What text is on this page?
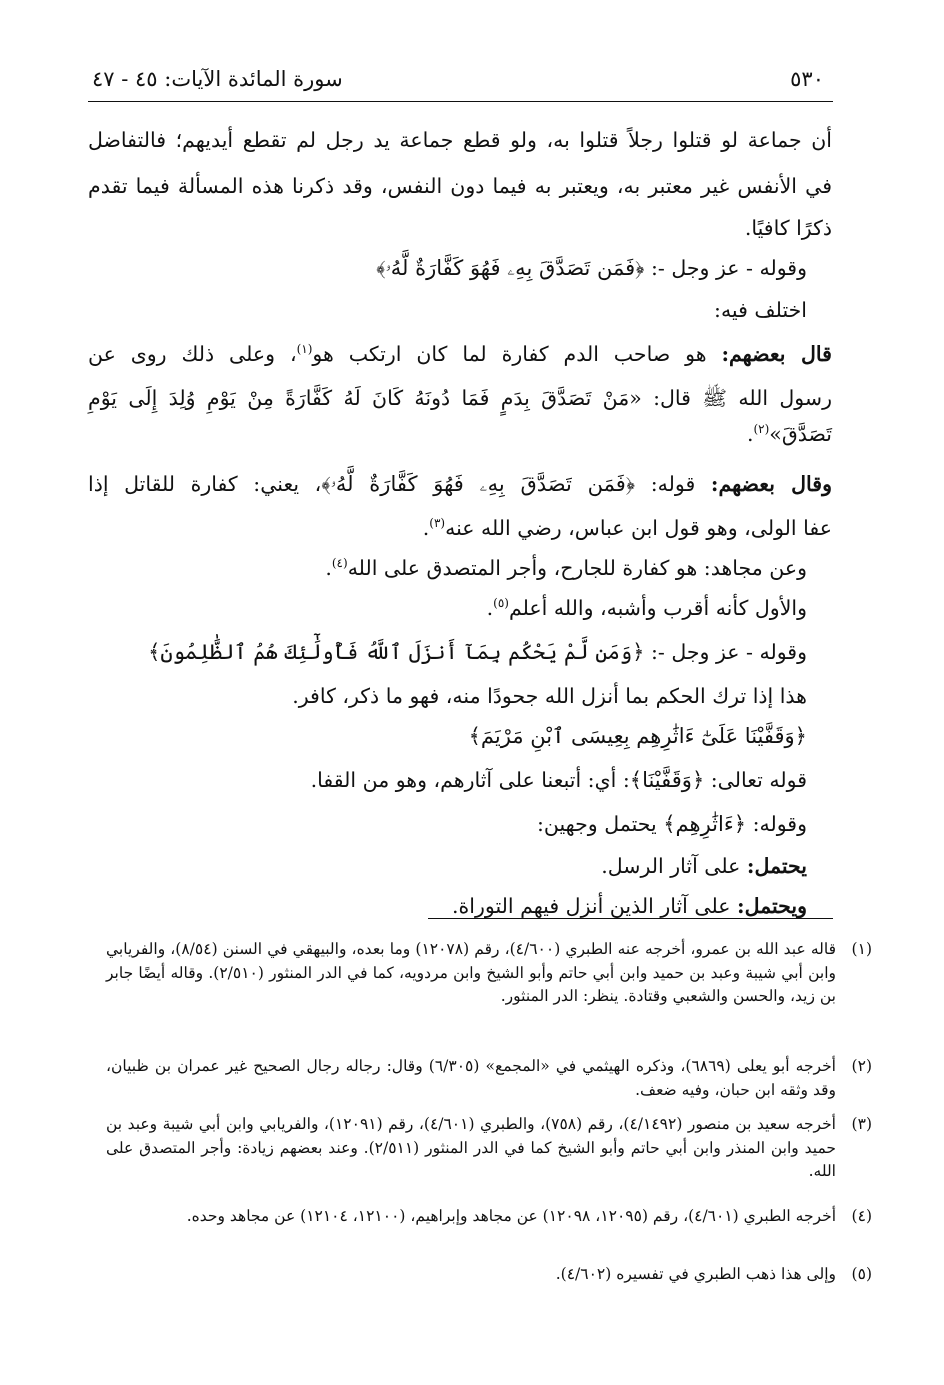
٥٣٠
سورة المائدة الآيات: ٤٥ - ٤٧
أن جماعة لو قتلوا رجلاً قتلوا به، ولو قطع جماعة يد رجل لم تقطع أيديهم؛ فالتفاضل
في الأنفس غير معتبر به، ويعتبر به فيما دون النفس، وقد ذكرنا هذه المسألة فيما تقدم
ذكرًا كافيًا.
وقوله - عز وجل -: ﴿فَمَن تَصَدَّقَ بِهِۦ فَهُوَ كَفَّارَةٌ لَّهُۥ﴾
اختلف فيه:
قال بعضهم: هو صاحب الدم كفارة لما كان ارتكب هو$^{(١)}$، وعلى ذلك روى عن
رسول الله ﷺ قال: «مَنْ تَصَدَّقَ بِدَمٍ فَمَا دُونَهُ كَانَ لَهُ كَفَّارَةً مِنْ يَوْمِ وُلِدَ إِلَى يَوْمِ
تَصَدَّقَ»$^{(٢)}$.
وقال بعضهم: قوله: ﴿فَمَن تَصَدَّقَ بِهِۦ فَهُوَ كَفَّارَةٌ لَّهُۥ﴾، يعني: كفارة للقاتل إذا
عفا الولى، وهو قول ابن عباس، رضي الله عنه$^{(٣)}$.
وعن مجاهد: هو كفارة للجارح، وأجر المتصدق على الله$^{(٤)}$.
والأول كأنه أقرب وأشبه، والله أعلم$^{(٥)}$.
وقوله - عز وجل -: ﴿وَمَن لَّمْ يَحْكُم بِمَآ أَنزَلَ ٱللَّهُ فَأُولَٰٓئِكَ هُمُ ٱلظَّٰلِمُونَ﴾
هذا إذا ترك الحكم بما أنزل الله جحودًا منه، فهو ما ذكر، كافر.
﴿وَقَفَّيْنَا عَلَىٰٓ ءَاثَٰرِهِم بِعِيسَى ٱبْنِ مَرْيَمَ﴾
قوله تعالى: ﴿وَقَفَّيْنَا﴾: أي: أتبعنا على آثارهم، وهو من القفا.
وقوله: ﴿ءَاثَٰرِهِم﴾ يحتمل وجهين:
يحتمل: على آثار الرسل.
ويحتمل: على آثار الذين أنزل فيهم التوراة.
(١)
قاله عبد الله بن عمرو، أخرجه عنه الطبري (٤/٦٠٠)، رقم (١٢٠٧٨) وما بعده، والبيهقي في السنن (٨/٥٤)، والفريابي وابن أبي شيبة وعبد بن حميد وابن أبي حاتم وأبو الشيخ وابن مردويه، كما في الدر المنثور (٢/٥١٠). وقاله أيضًا جابر بن زيد، والحسن والشعبي وقتادة. ينظر: الدر المنثور.
(٢)
أخرجه أبو يعلى (٦٨٦٩)، وذكره الهيثمي في «المجمع» (٦/٣٠٥) وقال: رجاله رجال الصحيح غير عمران بن ظبيان، وقد وثقه ابن حبان، وفيه ضعف.
(٣)
أخرجه سعيد بن منصور (٤/١٤٩٢)، رقم (٧٥٨)، والطبري (٤/٦٠١)، رقم (١٢٠٩١)، والفريابي وابن أبي شيبة وعبد بن حميد وابن المنذر وابن أبي حاتم وأبو الشيخ كما في الدر المنثور (٢/٥١١). وعند بعضهم زيادة: وأجر المتصدق على الله.
(٤)
أخرجه الطبري (٤/٦٠١)، رقم (١٢٠٩٥، ١٢٠٩٨) عن مجاهد وإبراهيم، (١٢١٠٠، ١٢١٠٤) عن مجاهد وحده.
(٥)
وإلى هذا ذهب الطبري في تفسيره (٤/٦٠٢).
